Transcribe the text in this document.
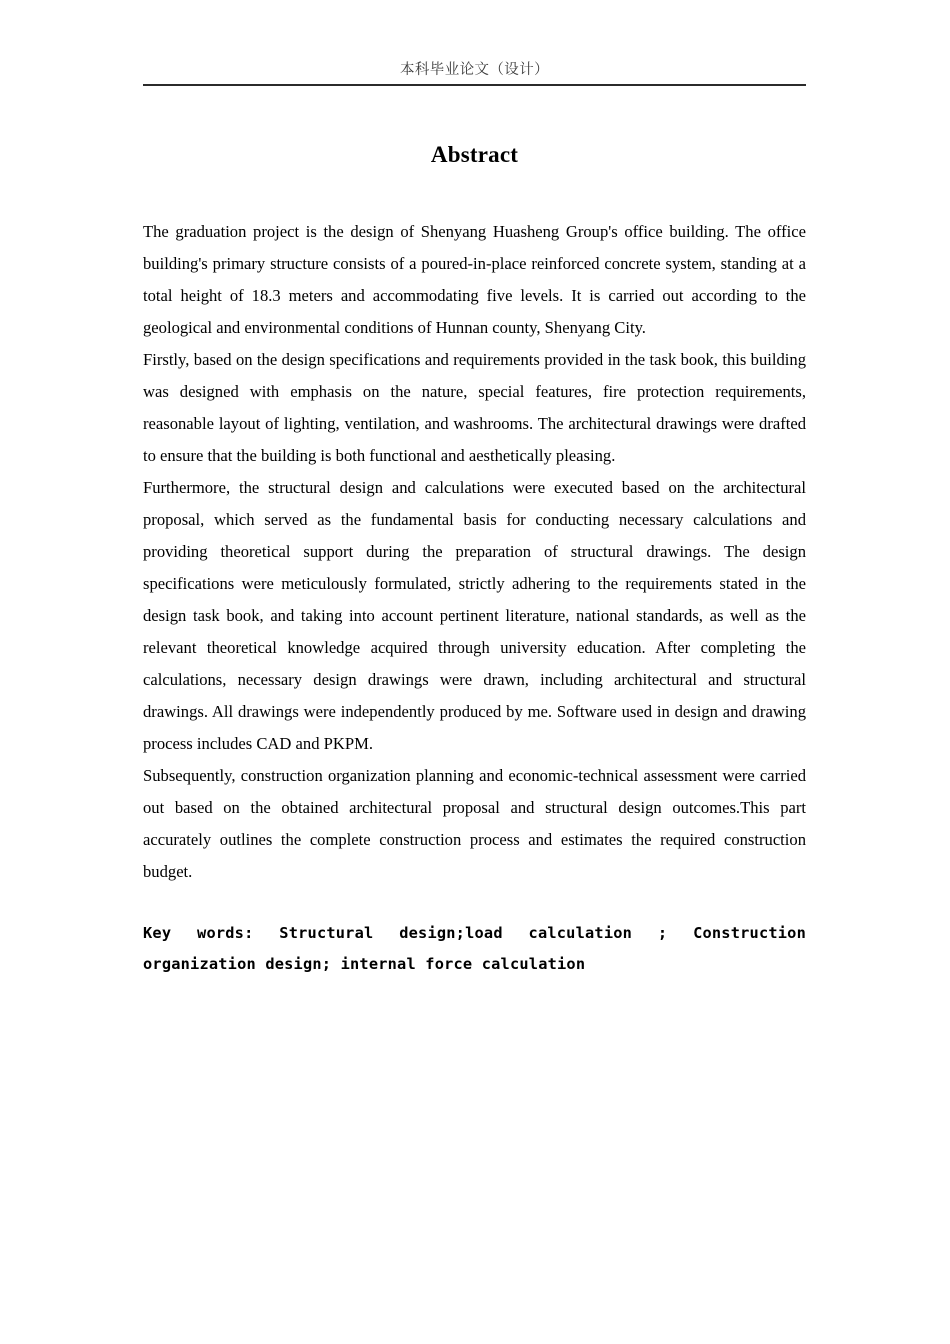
本科毕业论文（设计）
Abstract

The graduation project is the design of Shenyang Huasheng Group's office building. The office building's primary structure consists of a poured-in-place reinforced concrete system, standing at a total height of 18.3 meters and accommodating five levels. It is carried out according to the geological and environmental conditions of Hunnan county, Shenyang City.

Firstly, based on the design specifications and requirements provided in the task book, this building was designed with emphasis on the nature, special features, fire protection requirements, reasonable layout of lighting, ventilation, and washrooms. The architectural drawings were drafted to ensure that the building is both functional and aesthetically pleasing.

Furthermore, the structural design and calculations were executed based on the architectural proposal, which served as the fundamental basis for conducting necessary calculations and providing theoretical support during the preparation of structural drawings. The design specifications were meticulously formulated, strictly adhering to the requirements stated in the design task book, and taking into account pertinent literature, national standards, as well as the relevant theoretical knowledge acquired through university education. After completing the calculations, necessary design drawings were drawn, including architectural and structural drawings. All drawings were independently produced by me. Software used in design and drawing process includes CAD and PKPM.

Subsequently, construction organization planning and economic-technical assessment were carried out based on the obtained architectural proposal and structural design outcomes.This part accurately outlines the complete construction process and estimates the required construction budget.

Key words: Structural design;load calculation ; Construction
organization design; internal force calculation
